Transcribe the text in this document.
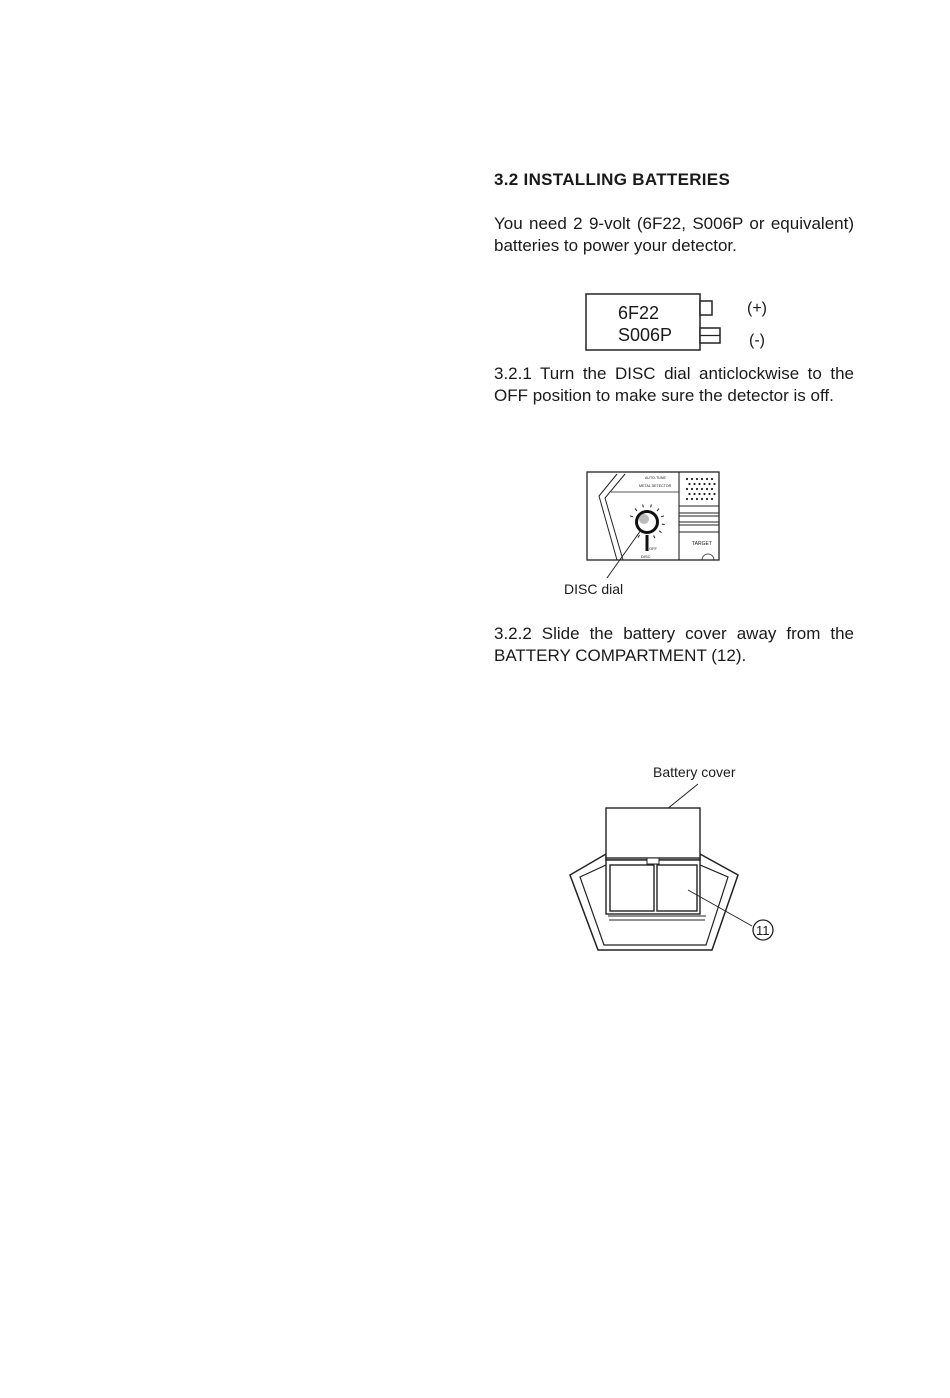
3.2 INSTALLING BATTERIES
You need 2 9-volt (6F22, S006P or equivalent) batteries to power your detector.
6F22
S006P
(+)
(-)
3.2.1 Turn the DISC dial anticlockwise to the OFF position to make sure the detector is off.
AUTO-TUNE
METAL DETECTOR
TARGET
OFF
DISC
DISC dial
3.2.2 Slide the battery cover away from the BATTERY COMPARTMENT (12).
Battery cover
11
